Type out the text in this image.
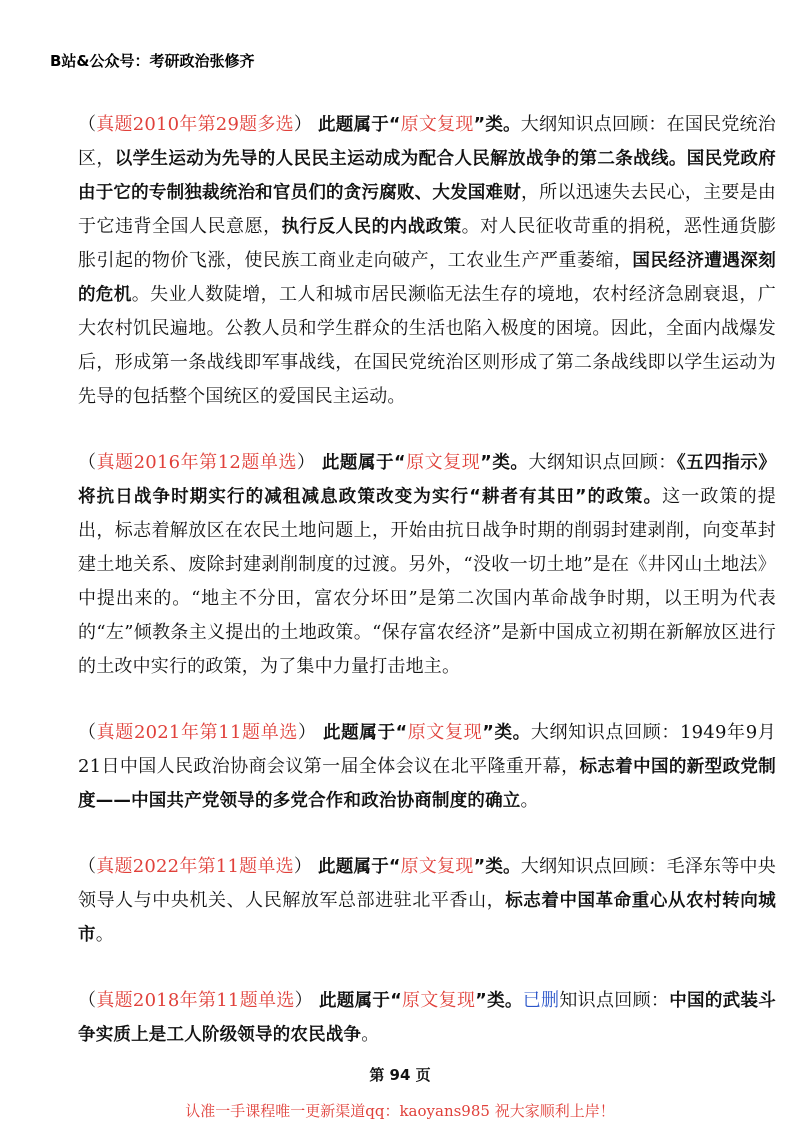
B站&公众号：考研政治张修齐

（真题2010年第29题多选） 此题属于“原文复现”类。大纲知识点回顾：在国民党统治区，以学生运动为先导的人民民主运动成为配合人民解放战争的第二条战线。国民党政府由于它的专制独裁统治和官员们的贪污腐败、大发国难财，所以迅速失去民心，主要是由于它违背全国人民意愿，执行反人民的内战政策。对人民征收苛重的捐税，恶性通货膨胀引起的物价飞涨，使民族工商业走向破产，工农业生产严重萎缩，国民经济遭遇深刻的危机。失业人数陡增，工人和城市居民濒临无法生存的境地，农村经济急剧衰退，广大农村饥民遍地。公教人员和学生群众的生活也陷入极度的困境。因此，全面内战爆发后，形成第一条战线即军事战线，在国民党统治区则形成了第二条战线即以学生运动为先导的包括整个国统区的爱国民主运动。

（真题2016年第12题单选） 此题属于“原文复现”类。大纲知识点回顾：《五四指示》将抗日战争时期实行的减租减息政策改变为实行“耕者有其田”的政策。这一政策的提出，标志着解放区在农民土地问题上，开始由抗日战争时期的削弱封建剥削，向变革封建土地关系、废除封建剥削制度的过渡。另外，“没收一切土地”是在《井冈山土地法》中提出来的。“地主不分田，富农分坏田”是第二次国内革命战争时期，以王明为代表的“左”倾教条主义提出的土地政策。“保存富农经济”是新中国成立初期在新解放区进行的土改中实行的政策，为了集中力量打击地主。

（真题2021年第11题单选） 此题属于“原文复现”类。大纲知识点回顾：1949年9月21日中国人民政治协商会议第一届全体会议在北平隆重开幕，标志着中国的新型政党制度——中国共产党领导的多党合作和政治协商制度的确立。

（真题2022年第11题单选） 此题属于“原文复现”类。大纲知识点回顾：毛泽东等中央领导人与中央机关、人民解放军总部进驻北平香山，标志着中国革命重心从农村转向城市。

（真题2018年第11题单选） 此题属于“原文复现”类。已删知识点回顾：中国的武装斗争实质上是工人阶级领导的农民战争。

第 94 页
认准一手课程唯一更新渠道qq：kaoyans985 祝大家顺利上岸！
